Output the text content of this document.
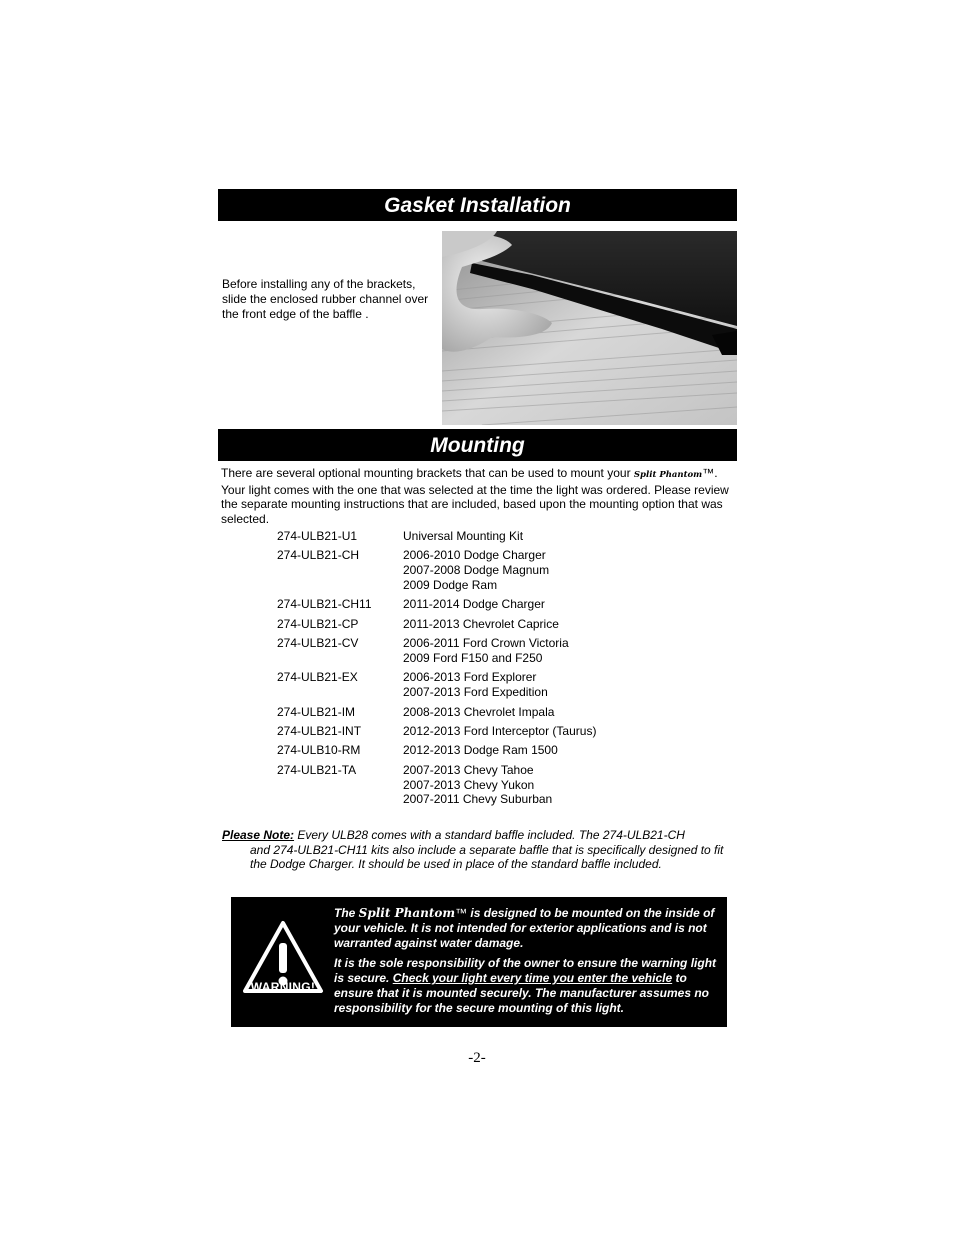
Gasket Installation
Before installing any of the brackets, slide the enclosed rubber channel over the front edge of the baffle .
Mounting
There are several optional mounting brackets that can be used to mount your Split Phantom™. Your light comes with the one that was selected at the time the light was ordered. Please review the separate mounting instructions that are included, based upon the mounting option that was selected.
274-ULB21-U1	Universal Mounting Kit
274-ULB21-CH	2006-2010 Dodge Charger
2007-2008 Dodge Magnum
2009 Dodge Ram
274-ULB21-CH11	2011-2014 Dodge Charger
274-ULB21-CP	2011-2013 Chevrolet Caprice
274-ULB21-CV	2006-2011 Ford Crown Victoria
2009 Ford F150 and F250
274-ULB21-EX	2006-2013 Ford Explorer
2007-2013 Ford Expedition
274-ULB21-IM	2008-2013 Chevrolet Impala
274-ULB21-INT	2012-2013 Ford Interceptor (Taurus)
274-ULB10-RM	2012-2013 Dodge Ram 1500
274-ULB21-TA	2007-2013 Chevy Tahoe
2007-2013 Chevy Yukon
2007-2011 Chevy Suburban
Please Note: Every ULB28 comes with a standard baffle included. The 274-ULB21-CH
and 274-ULB21-CH11 kits also include a separate baffle that is specifically designed to fit the Dodge Charger. It should be used in place of the standard baffle included.
WARNING!

The Split Phantom™ is designed to be mounted on the inside of your vehicle. It is not intended for exterior applications and is not warranted against water damage.

It is the sole responsibility of the owner to ensure the warning light is secure. Check your light every time you enter the vehicle to ensure that it is mounted securely. The manufacturer assumes no responsibility for the secure mounting of this light.

-2-
